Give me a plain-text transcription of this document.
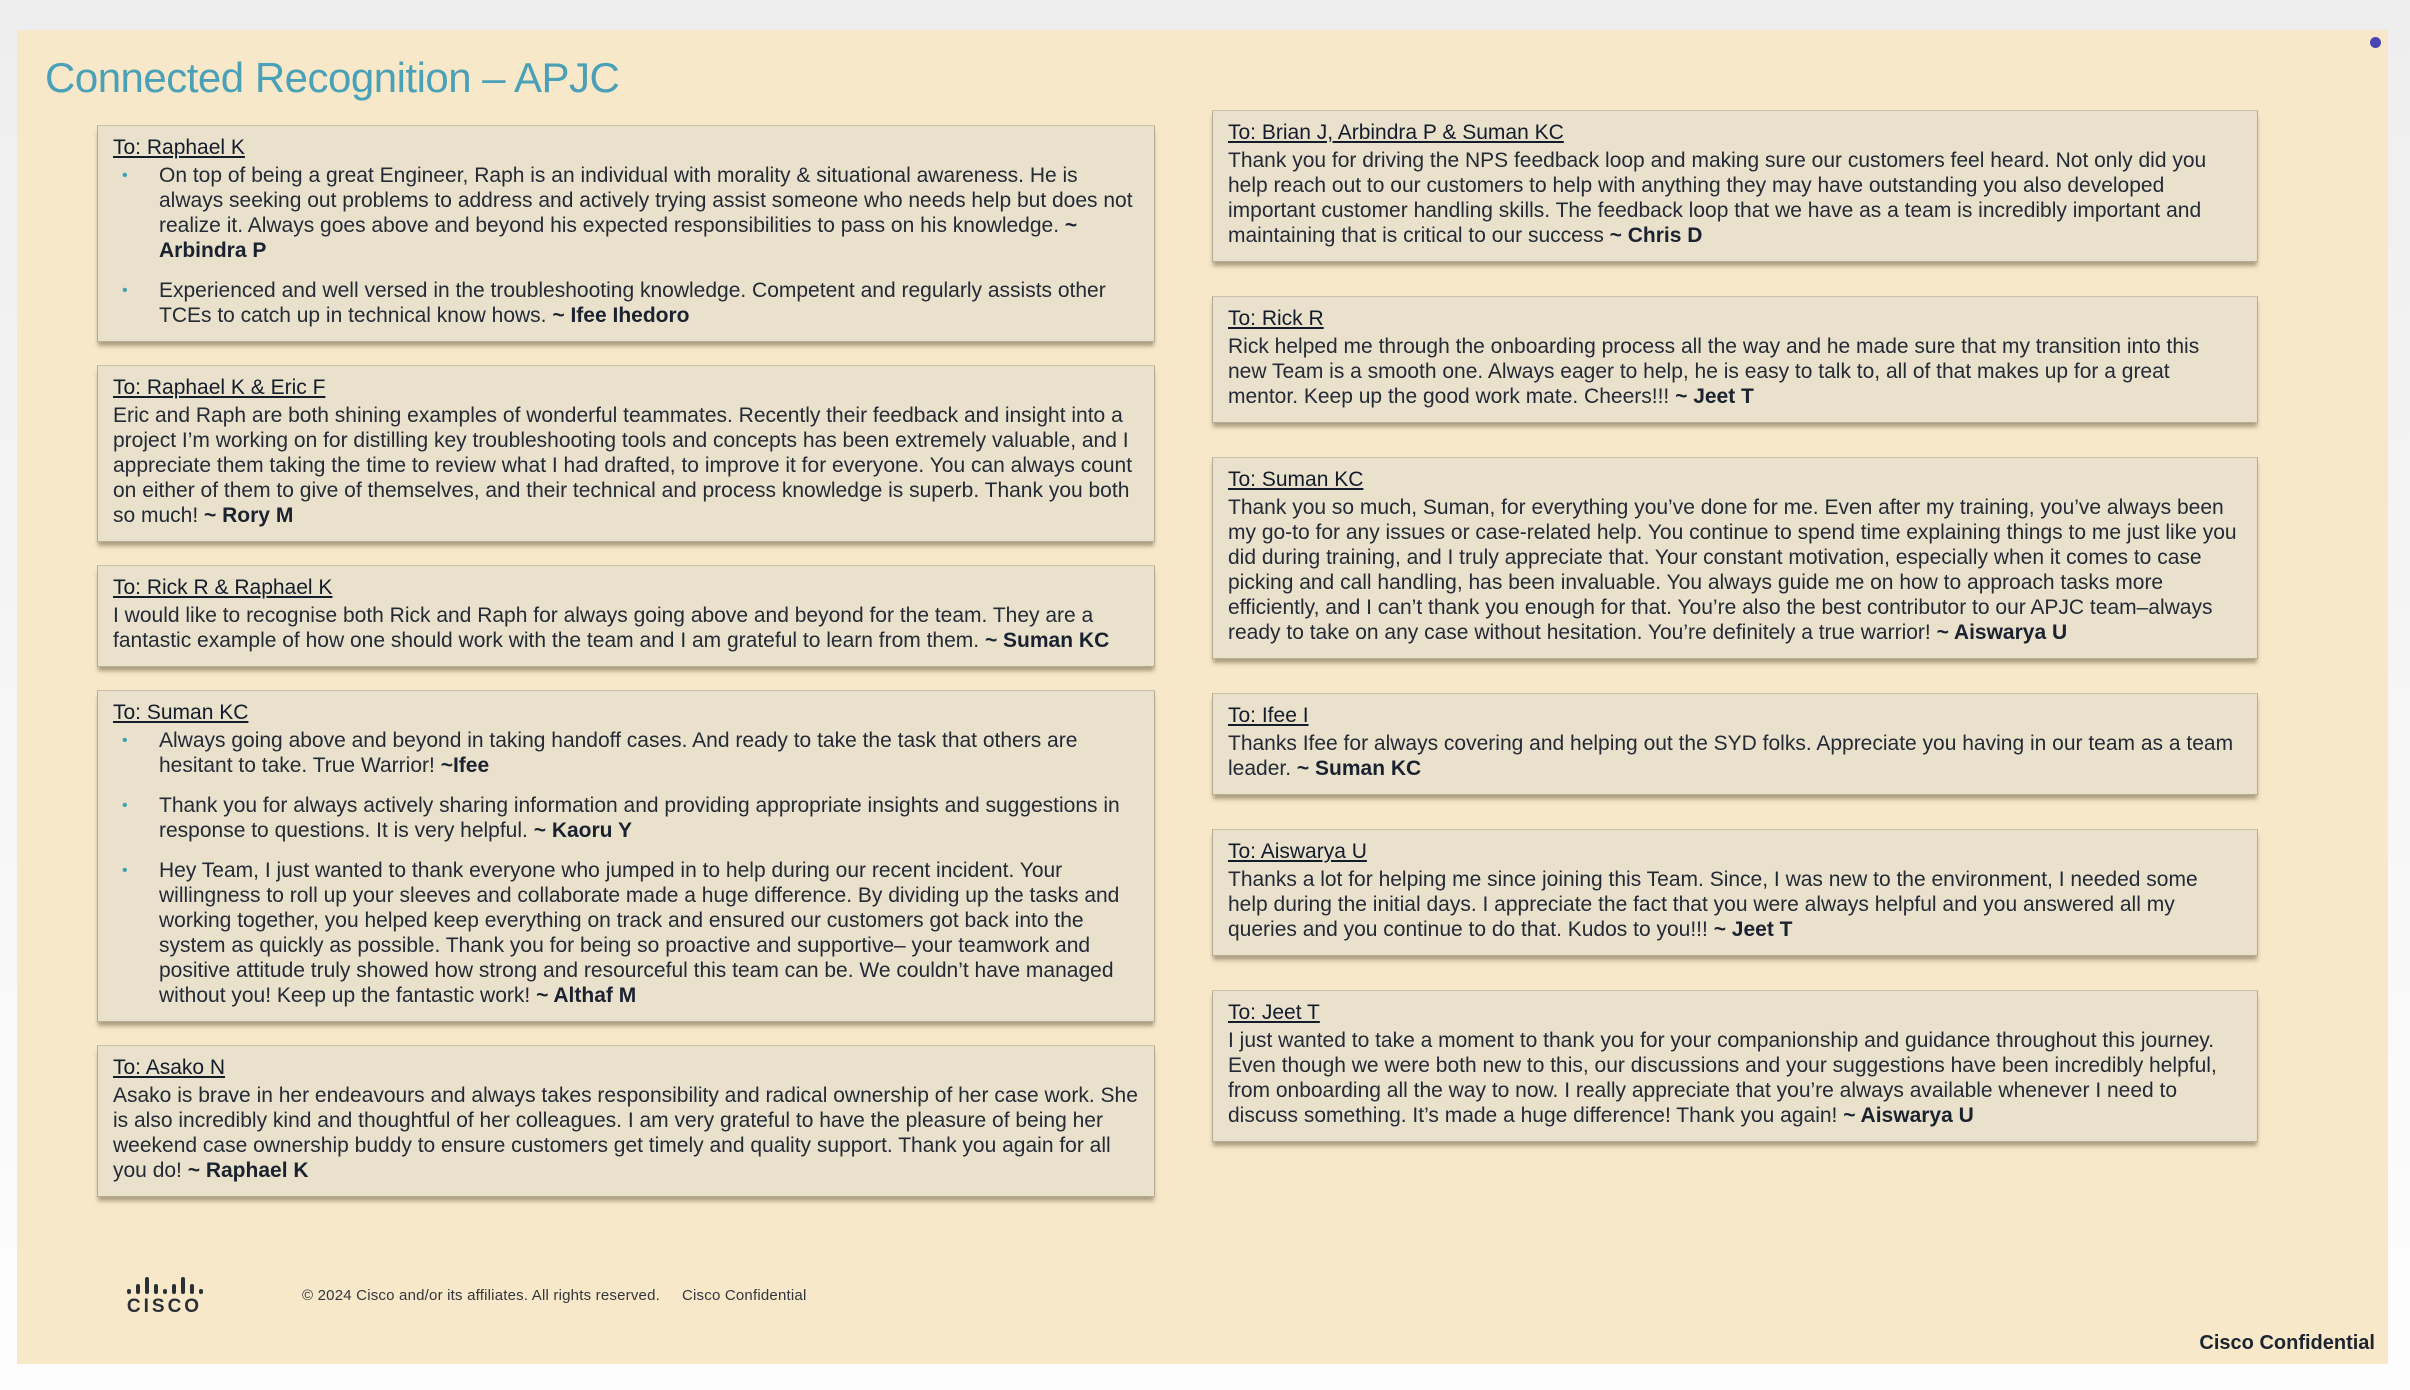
Connected Recognition – APJC
To: Raphael K
•	On top of being a great Engineer, Raph is an individual with morality & situational awareness. He is always seeking out problems to address and actively trying assist someone who needs help but does not realize it. Always goes above and beyond his expected responsibilities to pass on his knowledge. ~ Arbindra P

•	Experienced and well versed in the troubleshooting knowledge. Competent and regularly assists other TCEs to catch up in technical know hows. ~ Ifee Ihedoro

To: Raphael K & Eric F

Eric and Raph are both shining examples of wonderful teammates. Recently their feedback and insight into a project I’m working on for distilling key troubleshooting tools and concepts has been extremely valuable, and I appreciate them taking the time to review what I had drafted, to improve it for everyone. You can always count on either of them to give of themselves, and their technical and process knowledge is superb. Thank you both so much! ~ Rory M

To: Rick R & Raphael K

I would like to recognise both Rick and Raph for always going above and beyond for the team. They are a fantastic example of how one should work with the team and I am grateful to learn from them. ~ Suman KC

To: Suman KC
•	Always going above and beyond in taking handoff cases. And ready to take the task that others are hesitant to take. True Warrior! ~Ifee

•	Thank you for always actively sharing information and providing appropriate insights and suggestions in response to questions. It is very helpful. ~ Kaoru Y

•	Hey Team, I just wanted to thank everyone who jumped in to help during our recent incident. Your willingness to roll up your sleeves and collaborate made a huge difference. By dividing up the tasks and working together, you helped keep everything on track and ensured our customers got back into the system as quickly as possible. Thank you for being so proactive and supportive– your teamwork and positive attitude truly showed how strong and resourceful this team can be. We couldn’t have managed without you! Keep up the fantastic work! ~ Althaf M

To: Asako N

Asako is brave in her endeavours and always takes responsibility and radical ownership of her case work. She is also incredibly kind and thoughtful of her colleagues. I am very grateful to have the pleasure of being her weekend case ownership buddy to ensure customers get timely and quality support. Thank you again for all you do! ~ Raphael K

To: Brian J, Arbindra P & Suman KC

Thank you for driving the NPS feedback loop and making sure our customers feel heard. Not only did you help reach out to our customers to help with anything they may have outstanding you also developed important customer handling skills. The feedback loop that we have as a team is incredibly important and maintaining that is critical to our success ~ Chris D

To: Rick R

Rick helped me through the onboarding process all the way and he made sure that my transition into this new Team is a smooth one. Always eager to help, he is easy to talk to, all of that makes up for a great mentor. Keep up the good work mate. Cheers!!! ~ Jeet T

To: Suman KC

Thank you so much, Suman, for everything you’ve done for me. Even after my training, you’ve always been my go-to for any issues or case-related help. You continue to spend time explaining things to me just like you did during training, and I truly appreciate that. Your constant motivation, especially when it comes to case picking and call handling, has been invaluable. You always guide me on how to approach tasks more efficiently, and I can’t thank you enough for that. You’re also the best contributor to our APJC team–always ready to take on any case without hesitation. You’re definitely a true warrior! ~ Aiswarya U

To: Ifee I

Thanks Ifee for always covering and helping out the SYD folks. Appreciate you having in our team as a team leader. ~ Suman KC

To: Aiswarya U

Thanks a lot for helping me since joining this Team. Since, I was new to the environment, I needed some help during the initial days. I appreciate the fact that you were always helpful and you answered all my queries and you continue to do that. Kudos to you!!! ~ Jeet T

To: Jeet T

I just wanted to take a moment to thank you for your companionship and guidance throughout this journey. Even though we were both new to this, our discussions and your suggestions have been incredibly helpful, from onboarding all the way to now. I really appreciate that you’re always available whenever I need to discuss something. It’s made a huge difference! Thank you again! ~ Aiswarya U

CISCO
© 2024 Cisco and/or its affiliates. All rights reserved. Cisco Confidential
Cisco Confidential
